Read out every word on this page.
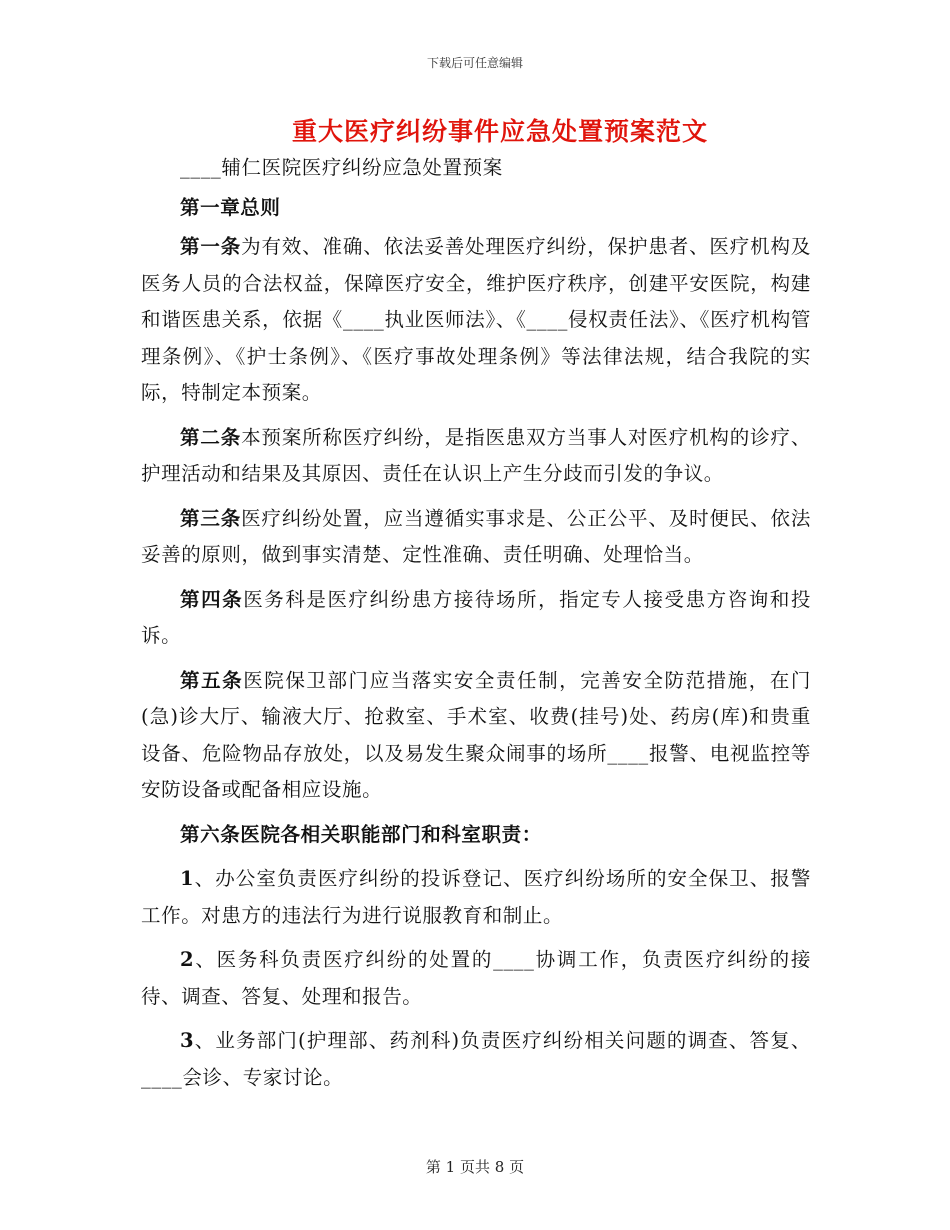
下载后可任意编辑
重大医疗纠纷事件应急处置预案范文

____辅仁医院医疗纠纷应急处置预案

第一章总则

第一条为有效、准确、依法妥善处理医疗纠纷，保护患者、医疗机构及医务人员的合法权益，保障医疗安全，维护医疗秩序，创建平安医院，构建和谐医患关系，依据《____执业医师法》、《____侵权责任法》、《医疗机构管理条例》、《护士条例》、《医疗事故处理条例》等法律法规，结合我院的实际，特制定本预案。

第二条本预案所称医疗纠纷，是指医患双方当事人对医疗机构的诊疗、护理活动和结果及其原因、责任在认识上产生分歧而引发的争议。

第三条医疗纠纷处置，应当遵循实事求是、公正公平、及时便民、依法妥善的原则，做到事实清楚、定性准确、责任明确、处理恰当。

第四条医务科是医疗纠纷患方接待场所，指定专人接受患方咨询和投诉。

第五条医院保卫部门应当落实安全责任制，完善安全防范措施，在门(急)诊大厅、输液大厅、抢救室、手术室、收费(挂号)处、药房(库)和贵重设备、危险物品存放处，以及易发生聚众闹事的场所____报警、电视监控等安防设备或配备相应设施。

第六条医院各相关职能部门和科室职责：

1、办公室负责医疗纠纷的投诉登记、医疗纠纷场所的安全保卫、报警工作。对患方的违法行为进行说服教育和制止。

2、医务科负责医疗纠纷的处置的____协调工作，负责医疗纠纷的接待、调查、答复、处理和报告。

3、业务部门(护理部、药剂科)负责医疗纠纷相关问题的调查、答复、____会诊、专家讨论。

第 1 页共 8 页
